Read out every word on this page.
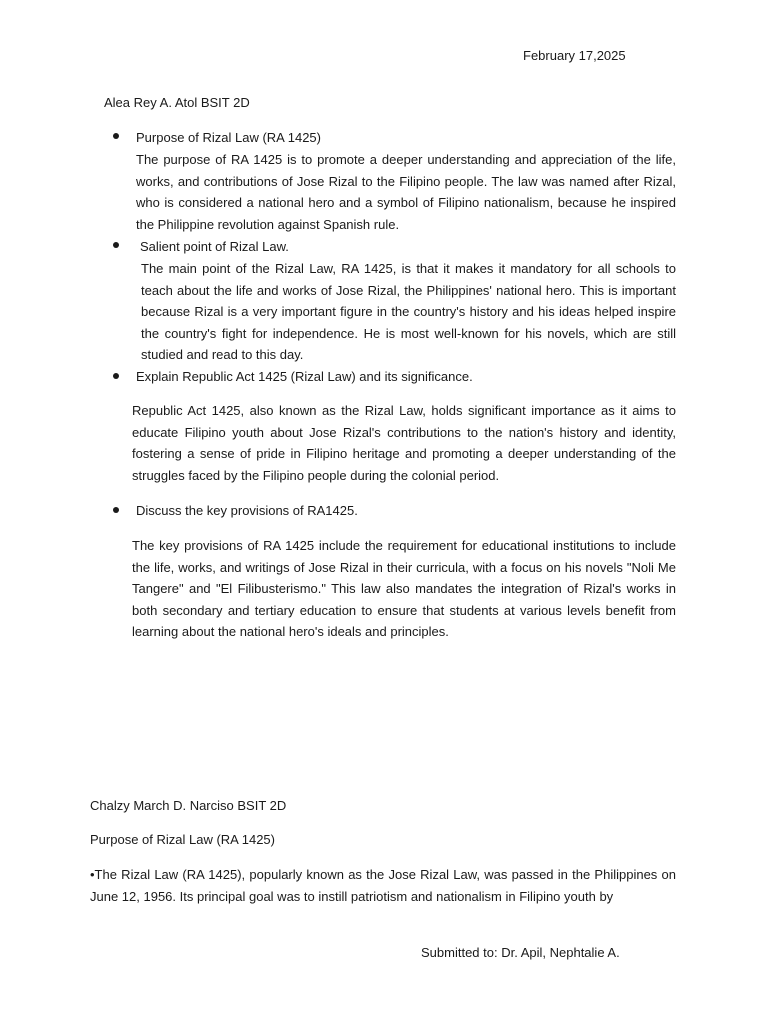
February 17,2025
Alea Rey A. Atol BSIT 2D
Purpose of Rizal Law (RA 1425)

The purpose of RA 1425 is to promote a deeper understanding and appreciation of the life, works, and contributions of Jose Rizal to the Filipino people. The law was named after Rizal, who is considered a national hero and a symbol of Filipino nationalism, because he inspired the Philippine revolution against Spanish rule.

Salient point of Rizal Law.

The main point of the Rizal Law, RA 1425, is that it makes it mandatory for all schools to teach about the life and works of Jose Rizal, the Philippines' national hero. This is important because Rizal is a very important figure in the country's history and his ideas helped inspire the country's fight for independence. He is most well-known for his novels, which are still studied and read to this day.

Explain Republic Act 1425 (Rizal Law) and its significance.

Republic Act 1425, also known as the Rizal Law, holds significant importance as it aims to educate Filipino youth about Jose Rizal's contributions to the nation's history and identity, fostering a sense of pride in Filipino heritage and promoting a deeper understanding of the struggles faced by the Filipino people during the colonial period.

Discuss the key provisions of RA1425.

The key provisions of RA 1425 include the requirement for educational institutions to include the life, works, and writings of Jose Rizal in their curricula, with a focus on his novels "Noli Me Tangere" and "El Filibusterismo." This law also mandates the integration of Rizal's works in both secondary and tertiary education to ensure that students at various levels benefit from learning about the national hero's ideals and principles.

Chalzy March D. Narciso BSIT 2D
Purpose of Rizal Law (RA 1425)

•The Rizal Law (RA 1425), popularly known as the Jose Rizal Law, was passed in the Philippines on June 12, 1956. Its principal goal was to instill patriotism and nationalism in Filipino youth by

Submitted to: Dr. Apil, Nephtalie A.
